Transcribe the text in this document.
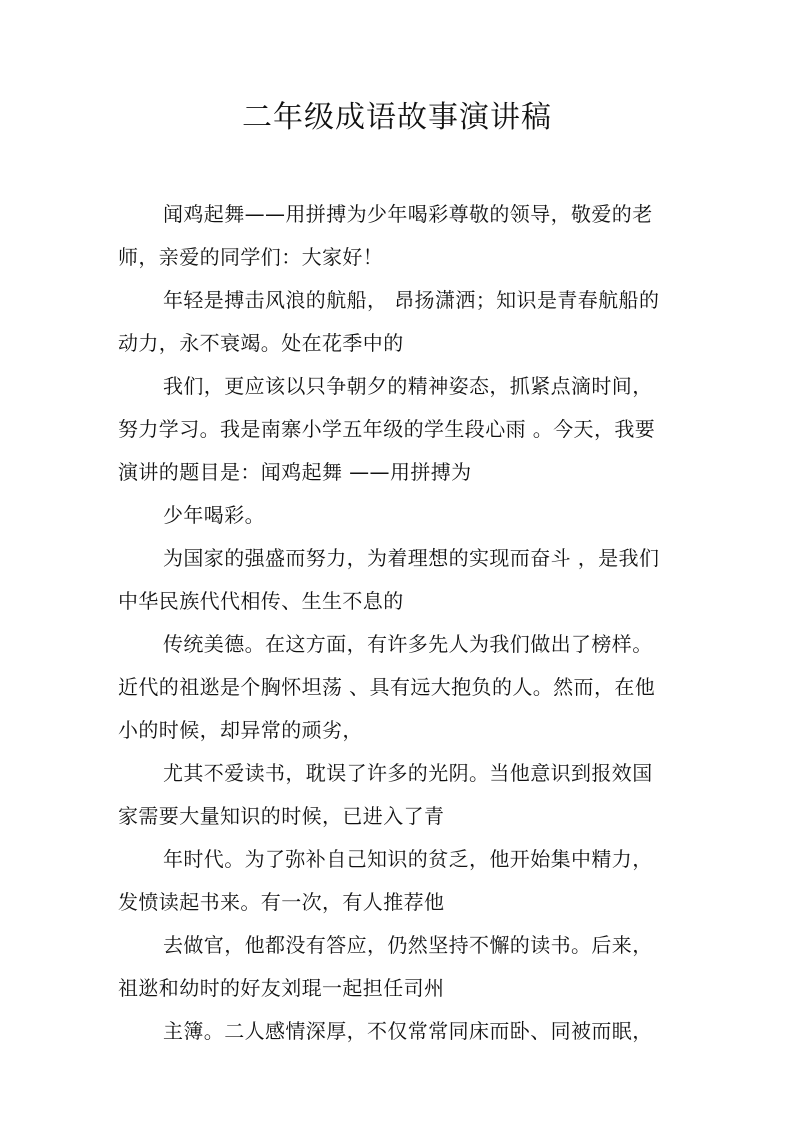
二年级成语故事演讲稿

闻鸡起舞——用拼搏为少年喝彩尊敬的领导，敬爱的老
师，亲爱的同学们：大家好！

年轻是搏击风浪的航船， 昂扬潇洒；知识是青春航船的
动力，永不衰竭。处在花季中的

我们，更应该以只争朝夕的精神姿态，抓紧点滴时间，
努力学习。我是南寨小学五年级的学生段心雨 。今天，我要
演讲的题目是：闻鸡起舞 ——用拼搏为

少年喝彩。

为国家的强盛而努力，为着理想的实现而奋斗 ，是我们
中华民族代代相传、生生不息的

传统美德。在这方面，有许多先人为我们做出了榜样。
近代的祖逖是个胸怀坦荡 、具有远大抱负的人。然而，在他
小的时候，却异常的顽劣，

尤其不爱读书，耽误了许多的光阴。当他意识到报效国
家需要大量知识的时候，已进入了青

年时代。为了弥补自己知识的贫乏，他开始集中精力，
发愤读起书来。有一次，有人推荐他

去做官，他都没有答应，仍然坚持不懈的读书。后来，
祖逖和幼时的好友刘琨一起担任司州

主簿。二人感情深厚，不仅常常同床而卧、同被而眠，
